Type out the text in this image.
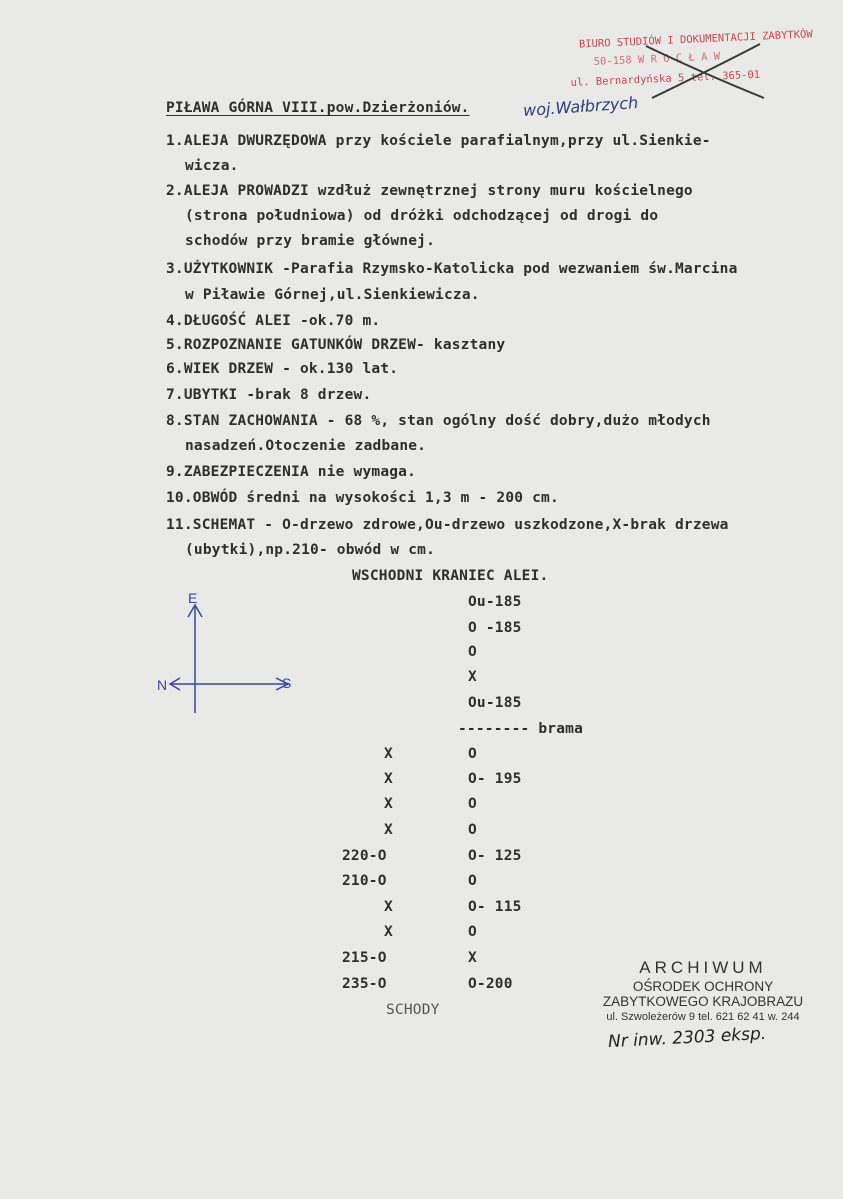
BIURO STUDIÓW I DOKUMENTACJI ZABYTKÓW
50-158 W R O C Ł A W
ul. Bernardyńska 5 tel. 365-01
PIŁAWA GÓRNA VIII.pow.Dzierżoniów.	woj.Wałbrzych
1.ALEJA DWURZĘDOWA przy kościele parafialnym,przy ul.Sienkie-
wicza.
2.ALEJA PROWADZI wzdłuż zewnętrznej strony muru kościelnego
(strona południowa) od dróżki odchodzącej od drogi do
schodów przy bramie głównej.
3.UŻYTKOWNIK -Parafia Rzymsko-Katolicka pod wezwaniem św.Marcina
w Piławie Górnej,ul.Sienkiewicza.
4.DŁUGOŚĆ ALEI -ok.70 m.
5.ROZPOZNANIE GATUNKÓW DRZEW- kasztany
6.WIEK DRZEW - ok.130 lat.
7.UBYTKI -brak 8 drzew.
8.STAN ZACHOWANIA - 68 %, stan ogólny dość dobry,dużo młodych
nasadzeń.Otoczenie zadbane.
9.ZABEZPIECZENIA nie wymaga.
10.OBWÓD średni na wysokości 1,3 m - 200 cm.
11.SCHEMAT - O-drzewo zdrowe,Ou-drzewo uszkodzone,X-brak drzewa
(ubytki),np.210- obwód w cm.
WSCHODNI KRANIEC ALEI.
Ou-185
O -185
O
X
Ou-185
-------- brama
X	O
X	O- 195
X	O
X	O
220-O	O- 125
210-O	O
X	O- 115
X	O
215-O	X
235-O	O-200
SCHODY
E
N	S
ARCHIWUM
OŚRODEK OCHRONY
ZABYTKOWEGO KRAJOBRAZU
ul. Szwoleżerów 9 tel. 621 62 41 w. 244
Nr inw. 2303 eksp.
